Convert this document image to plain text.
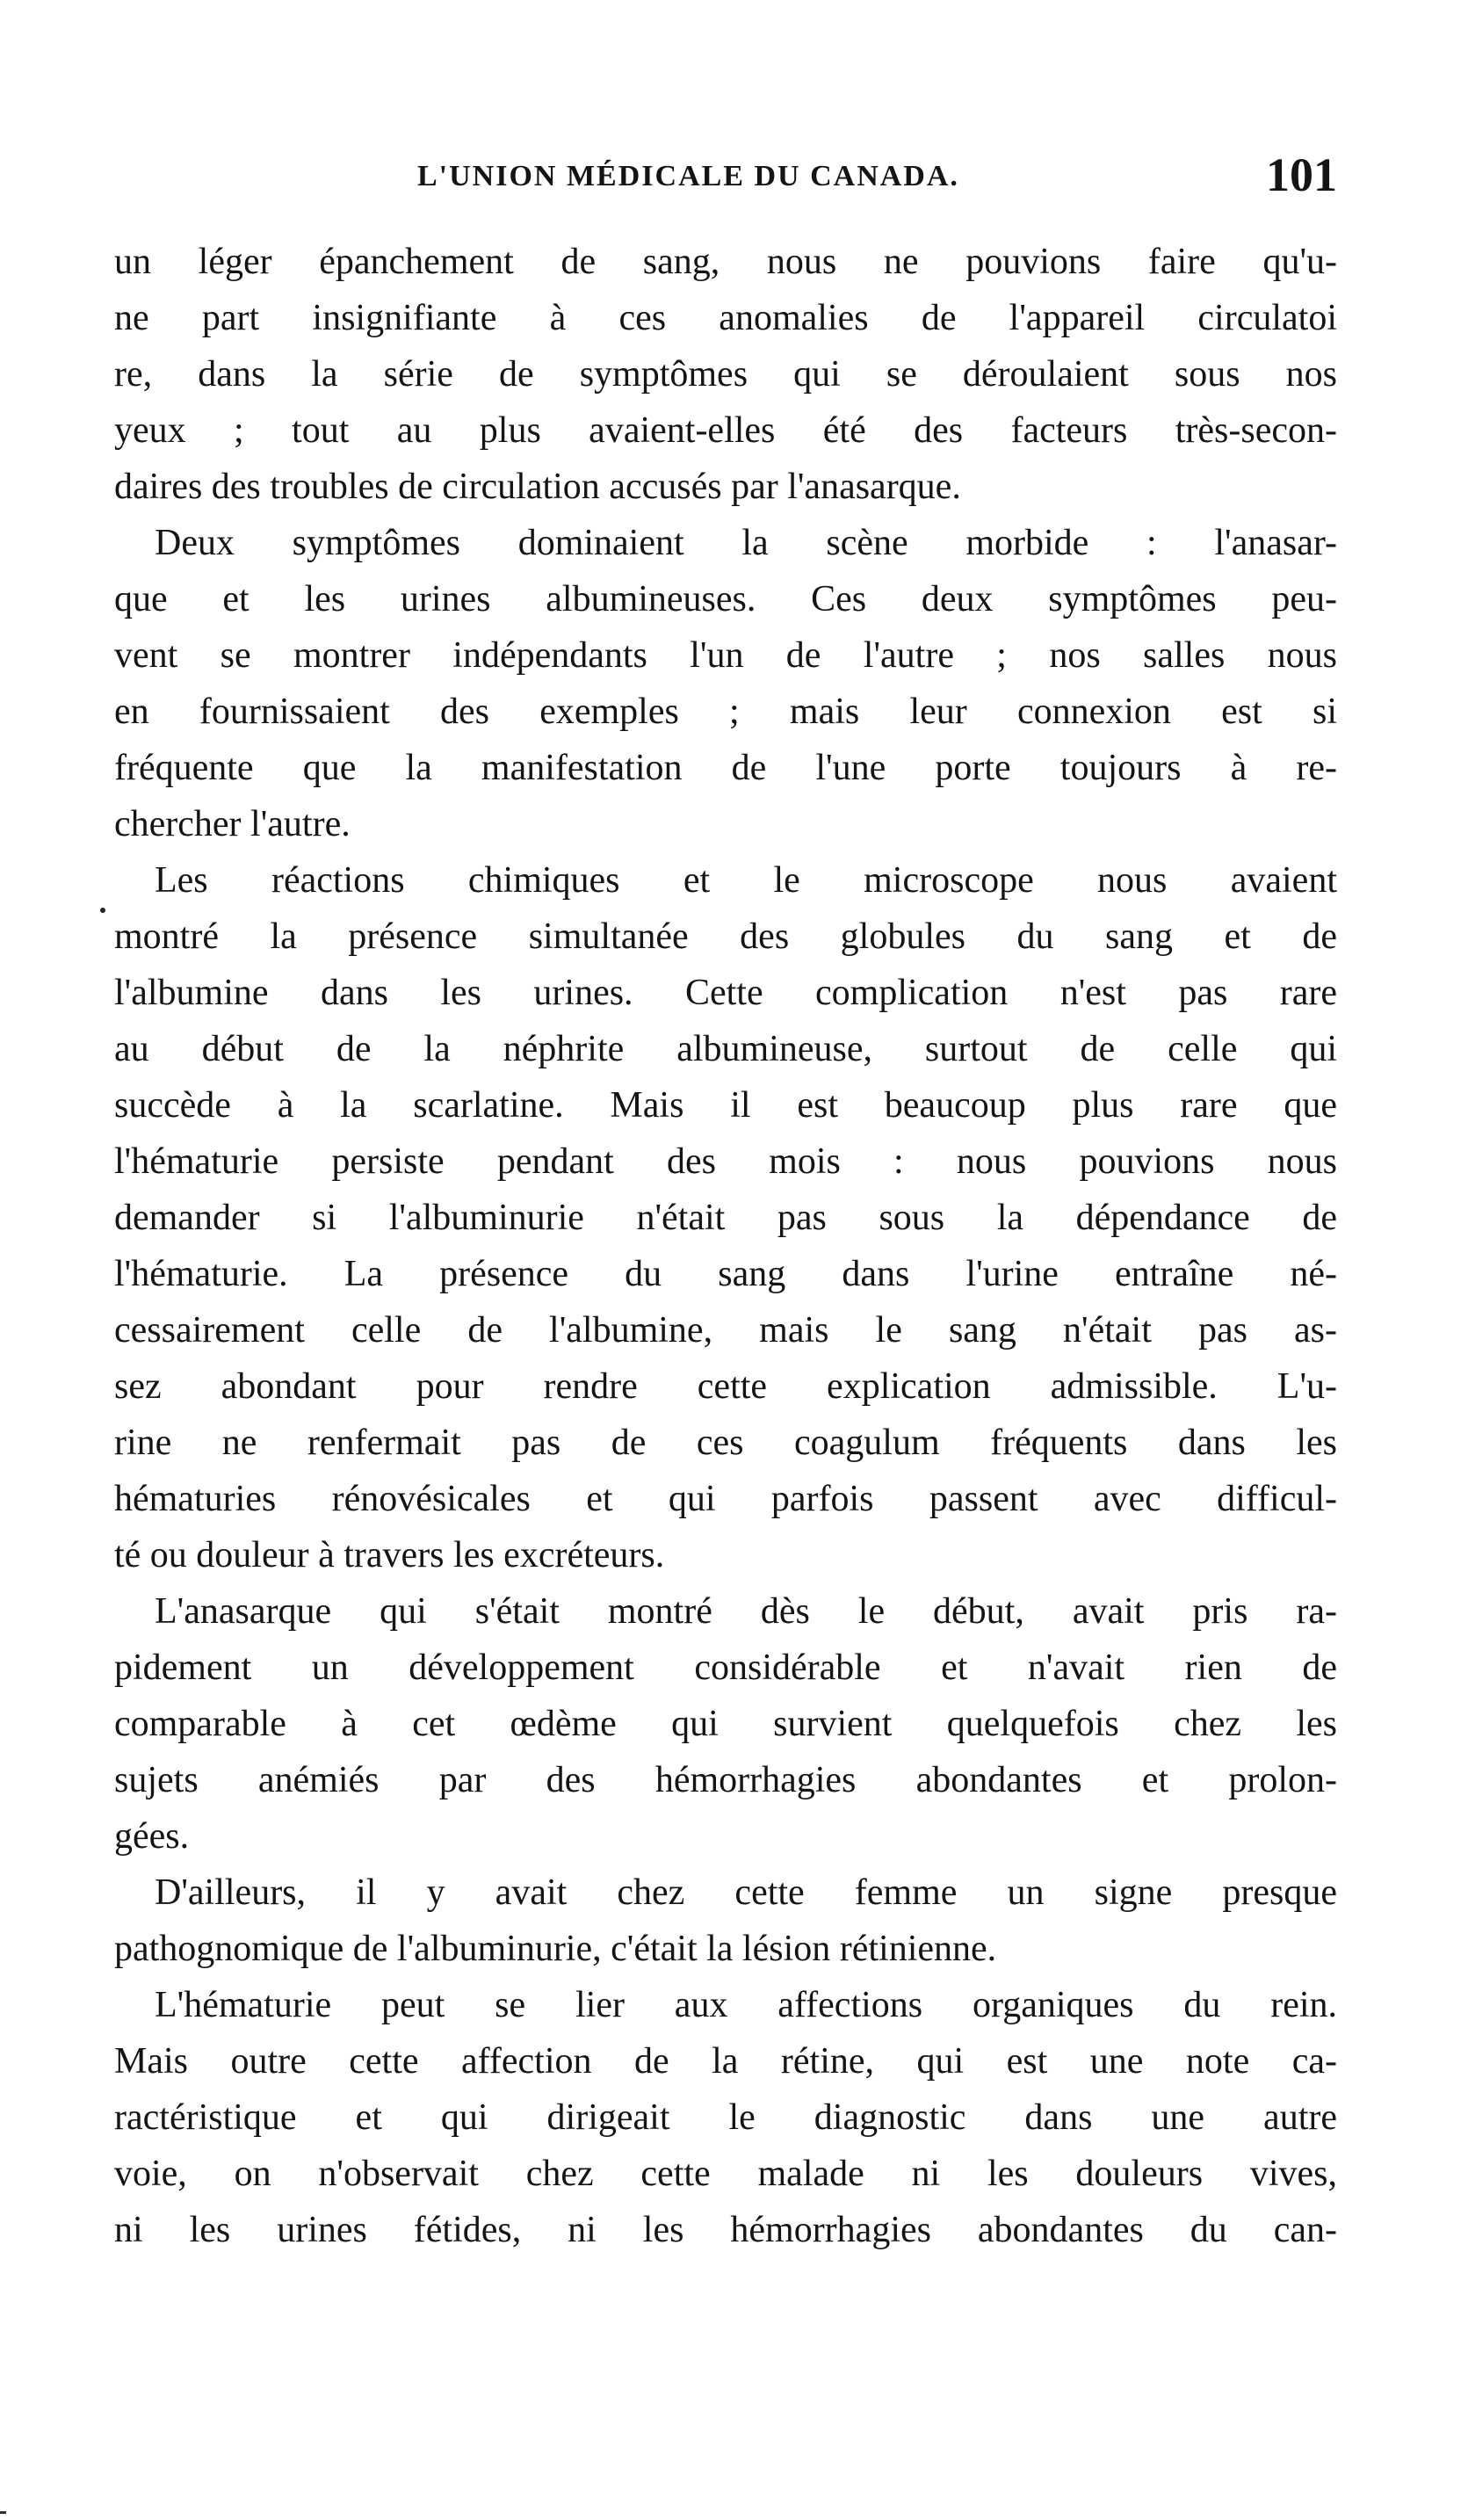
L'UNION MÉDICALE DU CANADA.	101
un léger épanchement de sang, nous ne pouvions faire qu'u-
ne part insignifiante à ces anomalies de l'appareil circulatoi
re, dans la série de symptômes qui se déroulaient sous nos
yeux ; tout au plus avaient-elles été des facteurs très-secon-
daires des troubles de circulation accusés par l'anasarque.
Deux symptômes dominaient la scène morbide : l'anasar-
que et les urines albumineuses. Ces deux symptômes peu-
vent se montrer indépendants l'un de l'autre ; nos salles nous
en fournissaient des exemples ; mais leur connexion est si
fréquente que la manifestation de l'une porte toujours à re-
chercher l'autre.
Les réactions chimiques et le microscope nous avaient
montré la présence simultanée des globules du sang et de
l'albumine dans les urines. Cette complication n'est pas rare
au début de la néphrite albumineuse, surtout de celle qui
succède à la scarlatine. Mais il est beaucoup plus rare que
l'hématurie persiste pendant des mois : nous pouvions nous
demander si l'albuminurie n'était pas sous la dépendance de
l'hématurie. La présence du sang dans l'urine entraîne né-
cessairement celle de l'albumine, mais le sang n'était pas as-
sez abondant pour rendre cette explication admissible. L'u-
rine ne renfermait pas de ces coagulum fréquents dans les
hématuries rénovésicales et qui parfois passent avec difficul-
té ou douleur à travers les excréteurs.
L'anasarque qui s'était montré dès le début, avait pris ra-
pidement un développement considérable et n'avait rien de
comparable à cet œdème qui survient quelquefois chez les
sujets anémiés par des hémorrhagies abondantes et prolon-
gées.
D'ailleurs, il y avait chez cette femme un signe presque
pathognomique de l'albuminurie, c'était la lésion rétinienne.
L'hématurie peut se lier aux affections organiques du rein.
Mais outre cette affection de la rétine, qui est une note ca-
ractéristique et qui dirigeait le diagnostic dans une autre
voie, on n'observait chez cette malade ni les douleurs vives,
ni les urines fétides, ni les hémorrhagies abondantes du can-
